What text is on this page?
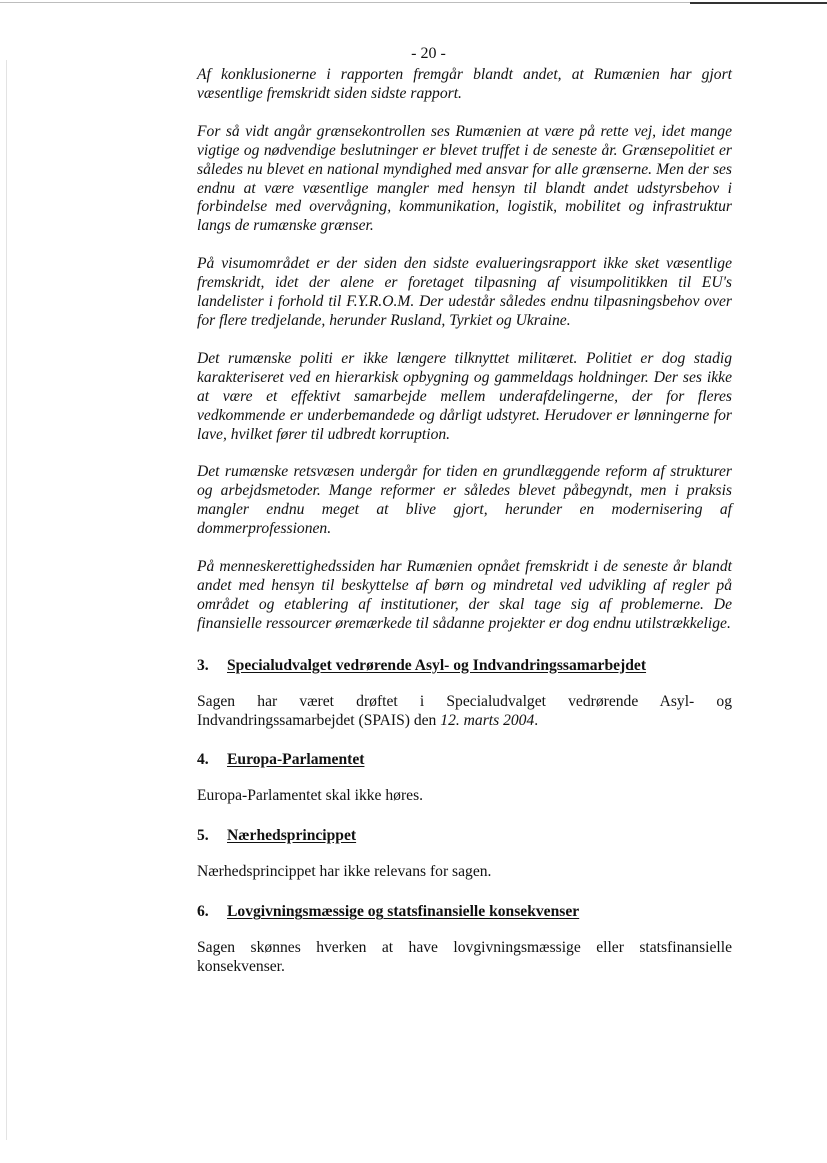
- 20 -

Af konklusionerne i rapporten fremgår blandt andet, at Rumænien har gjort væsentlige fremskridt siden sidste rapport.

For så vidt angår grænsekontrollen ses Rumænien at være på rette vej, idet mange vigtige og nødvendige beslutninger er blevet truffet i de seneste år. Grænsepolitiet er således nu blevet en national myndighed med ansvar for alle grænserne. Men der ses endnu at være væsentlige mangler med hensyn til blandt andet udstyrsbehov i forbindelse med overvågning, kommunikation, logistik, mobilitet og infrastruktur langs de rumænske grænser.

På visumområdet er der siden den sidste evalueringsrapport ikke sket væsentlige fremskridt, idet der alene er foretaget tilpasning af visumpolitikken til EU's landelister i forhold til F.Y.R.O.M. Der udestår således endnu tilpasningsbehov over for flere tredjelande, herunder Rusland, Tyrkiet og Ukraine.

Det rumænske politi er ikke længere tilknyttet militæret. Politiet er dog stadig karakteriseret ved en hierarkisk opbygning og gammeldags holdninger. Der ses ikke at være et effektivt samarbejde mellem underafdelingerne, der for fleres vedkommende er underbemandede og dårligt udstyret. Herudover er lønningerne for lave, hvilket fører til udbredt korruption.

Det rumænske retsvæsen undergår for tiden en grundlæggende reform af strukturer og arbejdsmetoder. Mange reformer er således blevet påbegyndt, men i praksis mangler endnu meget at blive gjort, herunder en modernisering af dommerprofessionen.

På menneskerettighedssiden har Rumænien opnået fremskridt i de seneste år blandt andet med hensyn til beskyttelse af børn og mindretal ved udvikling af regler på området og etablering af institutioner, der skal tage sig af problemerne. De finansielle ressourcer øremærkede til sådanne projekter er dog endnu utilstrækkelige.

3.	Specialudvalget vedrørende Asyl- og Indvandringssamarbejdet

Sagen har været drøftet i Specialudvalget vedrørende Asyl- og Indvandringssamarbejdet (SPAIS) den 12. marts 2004.

4.	Europa-Parlamentet

Europa-Parlamentet skal ikke høres.

5.	Nærhedsprincippet

Nærhedsprincippet har ikke relevans for sagen.

6.	Lovgivningsmæssige og statsfinansielle konsekvenser

Sagen skønnes hverken at have lovgivningsmæssige eller statsfinansielle konsekvenser.
